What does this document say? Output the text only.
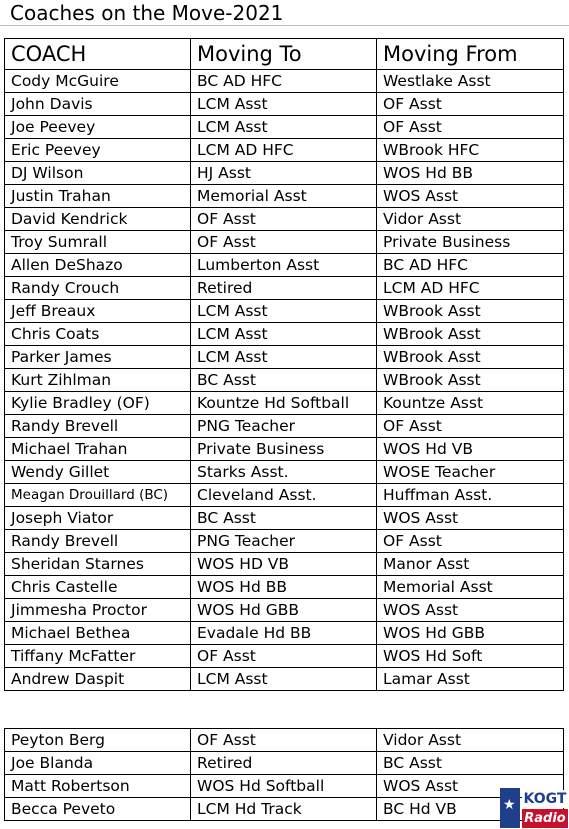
Coaches on the Move-2021
COACH	Moving To	Moving From
Cody McGuire	BC AD HFC	Westlake Asst
John Davis	LCM Asst	OF Asst
Joe Peevey	LCM Asst	OF Asst
Eric Peevey	LCM AD HFC	WBrook HFC
DJ Wilson	HJ Asst	WOS Hd BB
Justin Trahan	Memorial Asst	WOS Asst
David Kendrick	OF Asst	Vidor Asst
Troy Sumrall	OF Asst	Private Business
Allen DeShazo	Lumberton Asst	BC AD HFC
Randy Crouch	Retired	LCM AD HFC
Jeff Breaux	LCM Asst	WBrook Asst
Chris Coats	LCM Asst	WBrook Asst
Parker James	LCM Asst	WBrook Asst
Kurt Zihlman	BC Asst	WBrook Asst
Kylie Bradley (OF)	Kountze Hd Softball	Kountze Asst
Randy Brevell	PNG Teacher	OF Asst
Michael Trahan	Private Business	WOS Hd VB
Wendy Gillet	Starks Asst.	WOSE Teacher
Meagan Drouillard (BC)	Cleveland Asst.	Huffman Asst.
Joseph Viator	BC Asst	WOS Asst
Randy Brevell	PNG Teacher	OF Asst
Sheridan Starnes	WOS HD VB	Manor Asst
Chris Castelle	WOS Hd BB	Memorial Asst
Jimmesha Proctor	WOS Hd GBB	WOS Asst
Michael Bethea	Evadale Hd BB	WOS Hd GBB
Tiffany McFatter	OF Asst	WOS Hd Soft
Andrew Daspit	LCM Asst	Lamar Asst
Peyton Berg	OF Asst	Vidor Asst
Joe Blanda	Retired	BC Asst
Matt Robertson	WOS Hd Softball	WOS Asst
Becca Peveto	LCM Hd Track	BC Hd VB	★ KOGT
Radio
